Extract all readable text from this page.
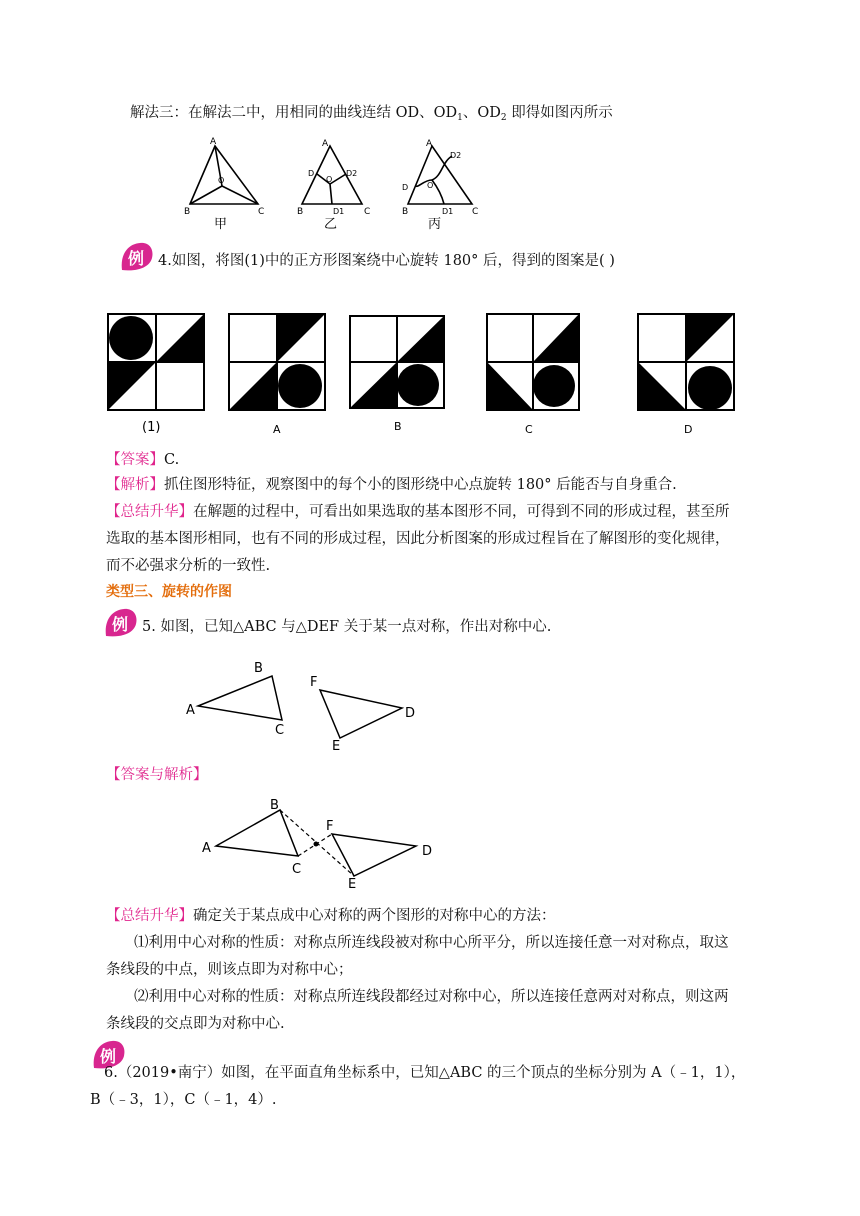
解法三：在解法二中，用相同的曲线连结 OD、$OD_1$、$OD_2$ 即得如图丙所示
A
B	C
O
甲
A
B	C
O
D	D2
D1
乙
A
B	C
O
D
D2
D1
丙
例 4.如图，将图(1)中的正方形图案绕中心旋转 180° 后，得到的图案是( )
(1)	A	B	C	D
【答案】C.
【解析】抓住图形特征，观察图中的每个小的图形绕中心点旋转 180° 后能否与自身重合.
【总结升华】在解题的过程中，可看出如果选取的基本图形不同，可得到不同的形成过程，甚至所
选取的基本图形相同，也有不同的形成过程，因此分析图案的形成过程旨在了解图形的变化规律，
而不必强求分析的一致性.
类型三、旋转的作图
例 5. 如图，已知△ABC 与△DEF 关于某一点对称，作出对称中心.
A
B
C
F
D
E
【答案与解析】
A
B
C
F
D
E
【总结升华】确定关于某点成中心对称的两个图形的对称中心的方法：
⑴利用中心对称的性质：对称点所连线段被对称中心所平分，所以连接任意一对对称点，取这
条线段的中点，则该点即为对称中心；
⑵利用中心对称的性质：对称点所连线段都经过对称中心，所以连接任意两对对称点，则这两
条线段的交点即为对称中心.
例
6.（2019•南宁）如图，在平面直角坐标系中，已知△ABC 的三个顶点的坐标分别为 A（﹣1，1），
B（﹣3，1），C（﹣1，4）.
